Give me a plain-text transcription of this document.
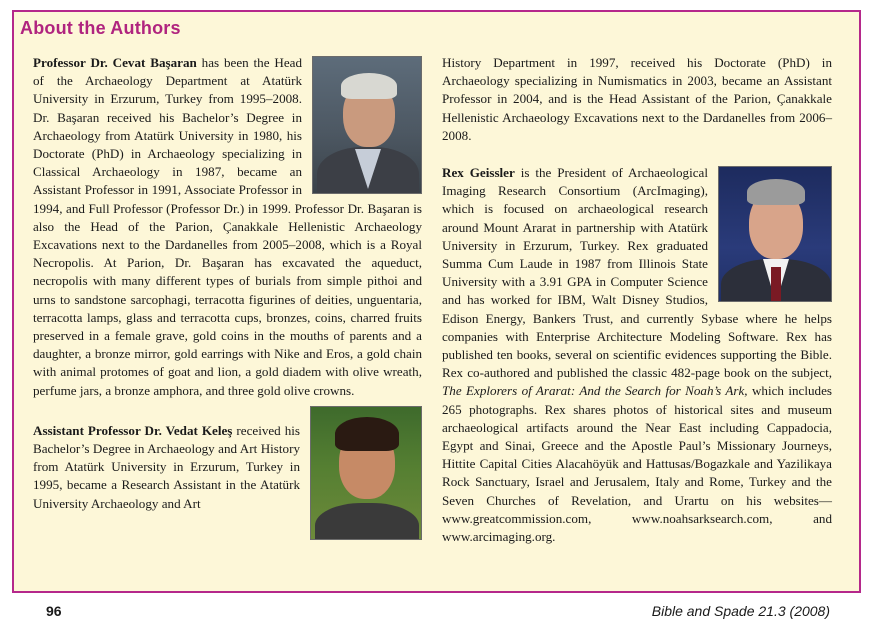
About the Authors

Professor Dr. Cevat Başaran has been the Head of the Archaeology Department at Atatürk University in Erzurum, Turkey from 1995–2008. Dr. Başaran received his Bachelor’s Degree in Archaeology from Atatürk University in 1980, his Doctorate (PhD) in Archaeology specializing in Classical Archaeology in 1987, became an Assistant Professor in 1991, Associate Professor in 1994, and Full Professor (Professor Dr.) in 1999. Professor Dr. Başaran is also the Head of the Parion, Çanakkale Hellenistic Archaeology Excavations next to the Dardanelles from 2005–2008, which is a Royal Necropolis. At Parion, Dr. Başaran has excavated the aqueduct, necropolis with many different types of burials from simple pithoi and urns to sandstone sarcophagi, terracotta figurines of deities, unguentaria, terracotta lamps, glass and terracotta cups, bronzes, coins, charred fruits preserved in a female grave, gold coins in the mouths of parents and a daughter, a bronze mirror, gold earrings with Nike and Eros, a gold chain with animal protomes of goat and lion, a gold diadem with olive wreath, perfume jars, a bronze amphora, and three gold olive crowns.

Assistant Professor Dr. Vedat Keleş received his Bachelor’s Degree in Archaeology and Art History from Atatürk University in Erzurum, Turkey in 1995, became a Research Assistant in the Atatürk University Archaeology and Art

History Department in 1997, received his Doctorate (PhD) in Archaeology specializing in Numismatics in 2003, became an Assistant Professor in 2004, and is the Head Assistant of the Parion, Çanakkale Hellenistic Archaeology Excavations next to the Dardanelles from 2006–2008.

Rex Geissler is the President of Archaeological Imaging Research Consortium (ArcImaging), which is focused on archaeological research around Mount Ararat in partnership with Atatürk University in Erzurum, Turkey. Rex graduated Summa Cum Laude in 1987 from Illinois State University with a 3.91 GPA in Computer Science and has worked for IBM, Walt Disney Studios, Edison Energy, Bankers Trust, and currently Sybase where he helps companies with Enterprise Architecture Modeling Software. Rex has published ten books, several on scientific evidences supporting the Bible. Rex co-authored and published the classic 482-page book on the subject, The Explorers of Ararat: And the Search for Noah’s Ark, which includes 265 photographs. Rex shares photos of historical sites and museum archaeological artifacts around the Near East including Cappadocia, Egypt and Sinai, Greece and the Apostle Paul’s Missionary Journeys, Hittite Capital Cities Alacahöyük and Hattusas/Bogazkale and Yazilikaya Rock Sanctuary, Israel and Jerusalem, Italy and Rome, Turkey and the Seven Churches of Revelation, and Urartu on his websites—www.greatcommission.com, www.noahsarksearch.com, and www.arcimaging.org.

96	Bible and Spade 21.3 (2008)
